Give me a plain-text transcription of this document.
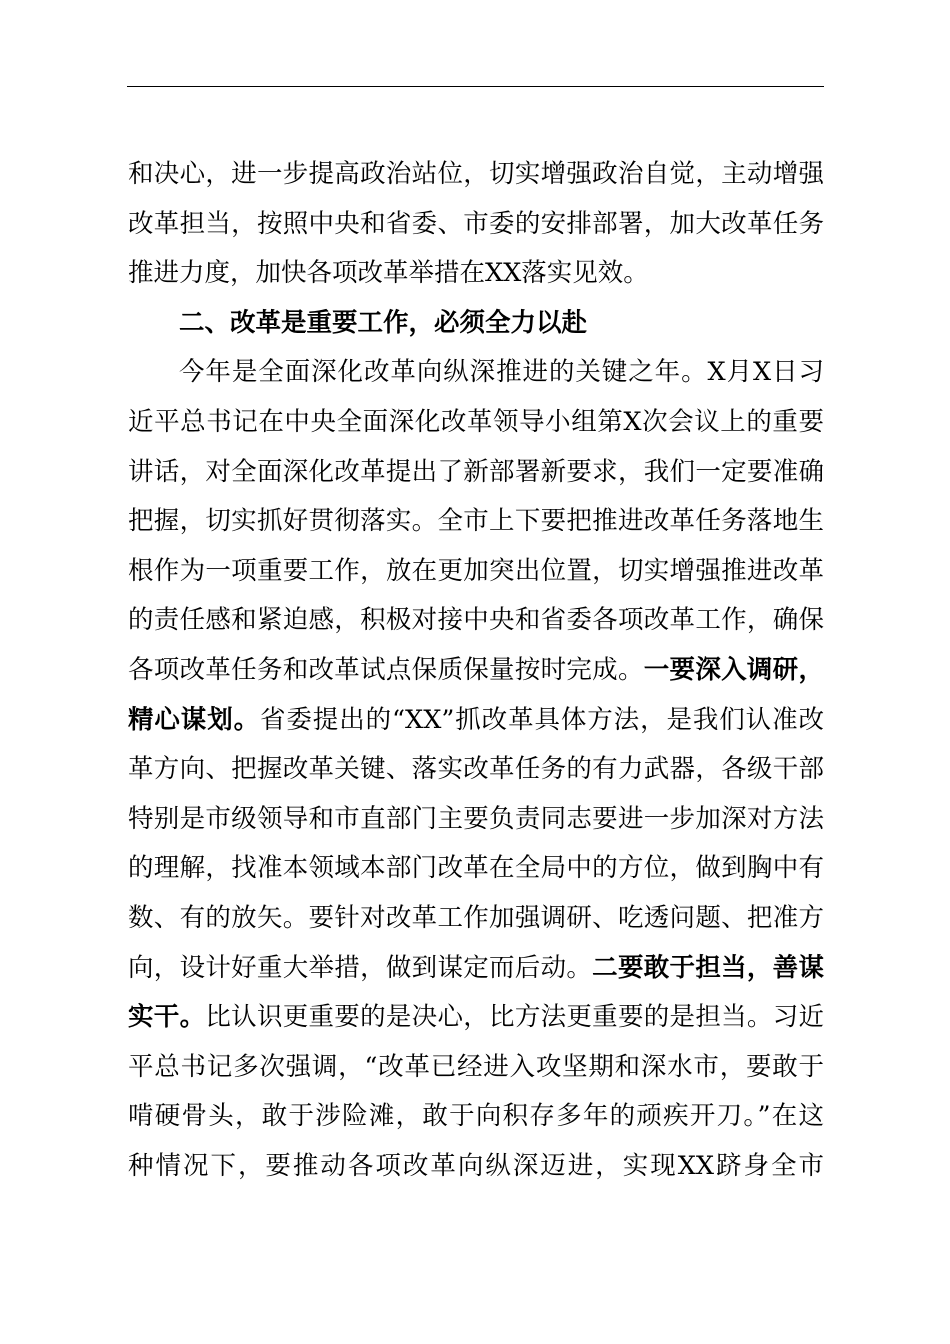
和决心，进一步提高政治站位，切实增强政治自觉，主动增强
改革担当，按照中央和省委、市委的安排部署，加大改革任务
推进力度，加快各项改革举措在XX落实见效。
二、改革是重要工作，必须全力以赴
今年是全面深化改革向纵深推进的关键之年。X月X日习
近平总书记在中央全面深化改革领导小组第X次会议上的重要
讲话，对全面深化改革提出了新部署新要求，我们一定要准确
把握，切实抓好贯彻落实。全市上下要把推进改革任务落地生
根作为一项重要工作，放在更加突出位置，切实增强推进改革
的责任感和紧迫感，积极对接中央和省委各项改革工作，确保
各项改革任务和改革试点保质保量按时完成。一要深入调研，
精心谋划。省委提出的“XX”抓改革具体方法，是我们认准改
革方向、把握改革关键、落实改革任务的有力武器，各级干部
特别是市级领导和市直部门主要负责同志要进一步加深对方法
的理解，找准本领域本部门改革在全局中的方位，做到胸中有
数、有的放矢。要针对改革工作加强调研、吃透问题、把准方
向，设计好重大举措，做到谋定而后动。二要敢于担当，善谋
实干。比认识更重要的是决心，比方法更重要的是担当。习近
平总书记多次强调，“改革已经进入攻坚期和深水市，要敢于
啃硬骨头，敢于涉险滩，敢于向积存多年的顽疾开刀。”在这
种情况下，要推动各项改革向纵深迈进，实现XX跻身全市
